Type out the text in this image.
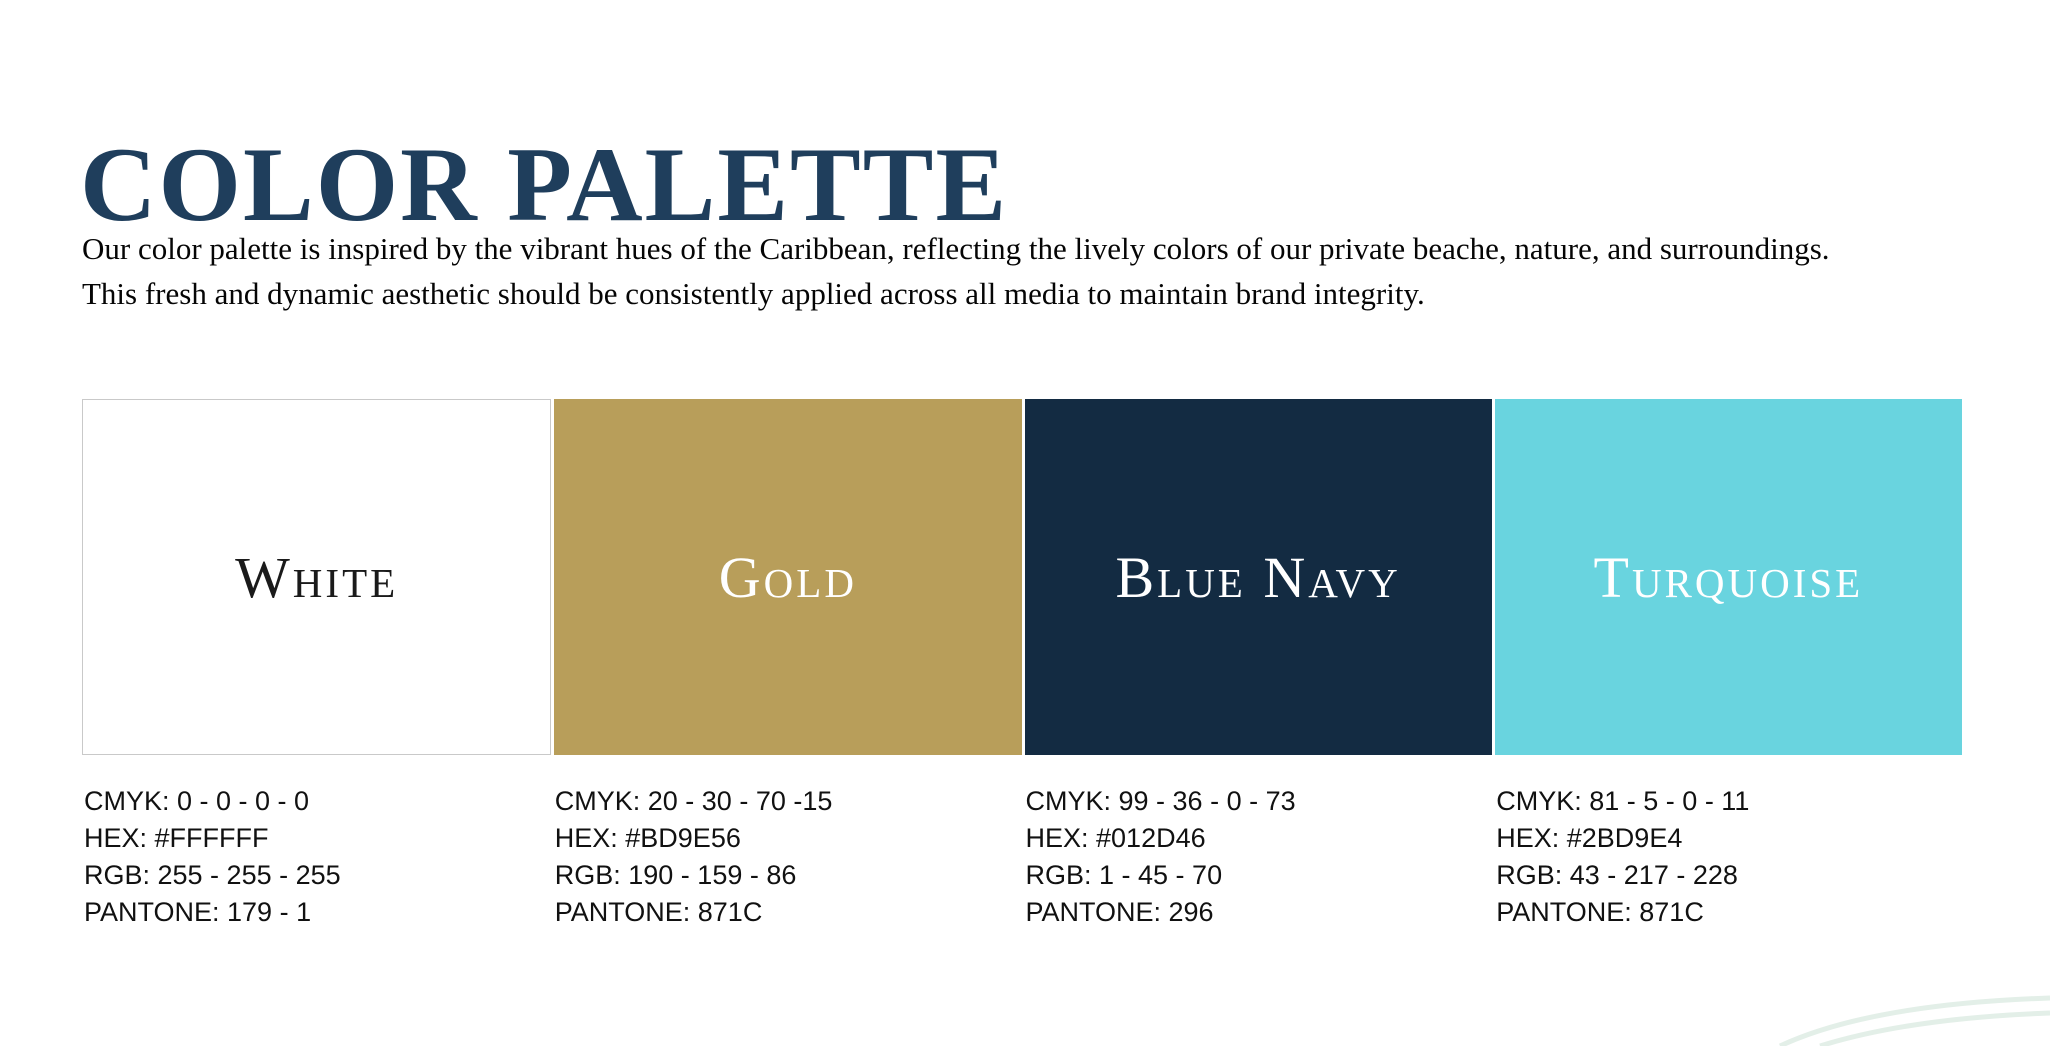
COLOR PALETTE
Our color palette is inspired by the vibrant hues of the Caribbean, reflecting the lively colors of our private beache, nature, and surroundings.
This fresh and dynamic aesthetic should be consistently applied across all media to maintain brand integrity.
White	Gold	Blue Navy	Turquoise
CMYK: 0 - 0 - 0 - 0
HEX: #FFFFFF
RGB: 255 - 255 - 255
PANTONE: 179 - 1
CMYK: 20 - 30 - 70 -15
HEX: #BD9E56
RGB: 190 - 159 - 86
PANTONE: 871C
CMYK: 99 - 36 - 0 - 73
HEX: #012D46
RGB: 1 - 45 - 70
PANTONE: 296
CMYK: 81 - 5 - 0 - 11
HEX: #2BD9E4
RGB: 43 - 217 - 228
PANTONE: 871C
